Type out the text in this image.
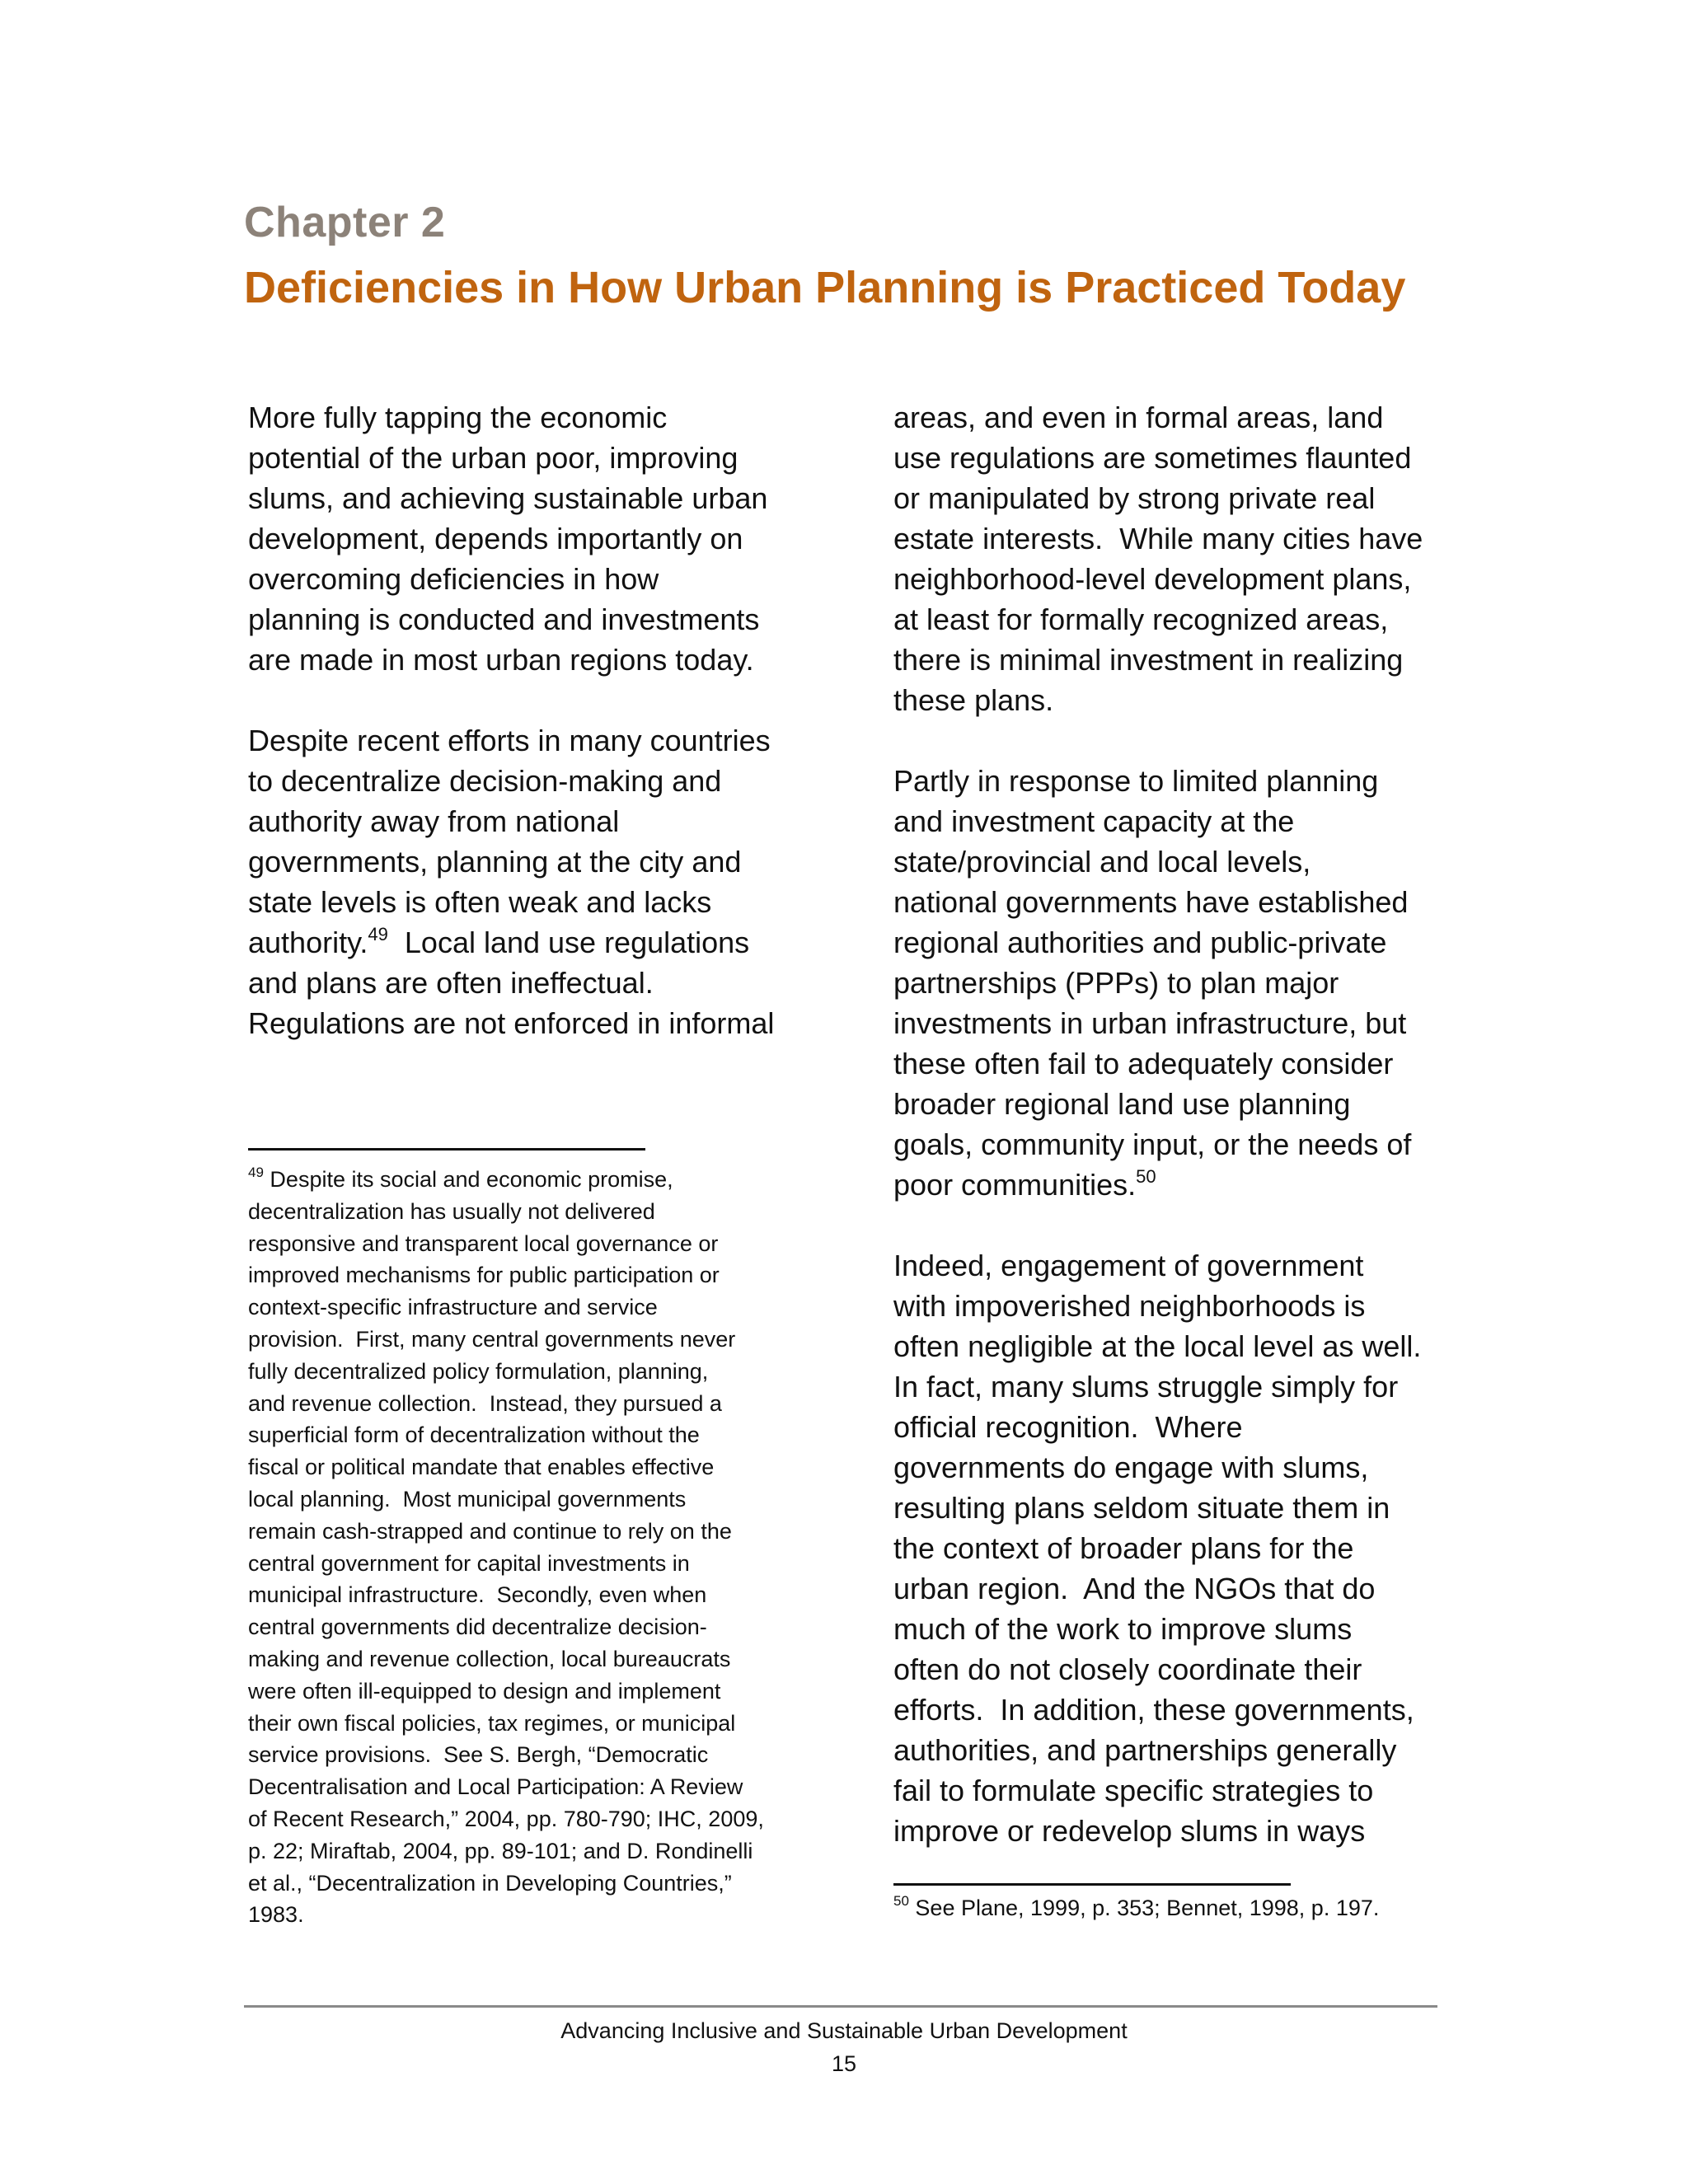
Chapter 2
Deficiencies in How Urban Planning is Practiced Today
More fully tapping the economic
potential of the urban poor, improving
slums, and achieving sustainable urban
development, depends importantly on
overcoming deficiencies in how
planning is conducted and investments
are made in most urban regions today.
Despite recent efforts in many countries
to decentralize decision-making and
authority away from national
governments, planning at the city and
state levels is often weak and lacks
authority.$^{49}$  Local land use regulations
and plans are often ineffectual.
Regulations are not enforced in informal
areas, and even in formal areas, land
use regulations are sometimes flaunted
or manipulated by strong private real
estate interests.  While many cities have
neighborhood-level development plans,
at least for formally recognized areas,
there is minimal investment in realizing
these plans.
Partly in response to limited planning
and investment capacity at the
state/provincial and local levels,
national governments have established
regional authorities and public-private
partnerships (PPPs) to plan major
investments in urban infrastructure, but
these often fail to adequately consider
broader regional land use planning
goals, community input, or the needs of
poor communities.$^{50}$
Indeed, engagement of government
with impoverished neighborhoods is
often negligible at the local level as well.
In fact, many slums struggle simply for
official recognition.  Where
governments do engage with slums,
resulting plans seldom situate them in
the context of broader plans for the
urban region.  And the NGOs that do
much of the work to improve slums
often do not closely coordinate their
efforts.  In addition, these governments,
authorities, and partnerships generally
fail to formulate specific strategies to
improve or redevelop slums in ways
$^{49}$ Despite its social and economic promise,
decentralization has usually not delivered
responsive and transparent local governance or
improved mechanisms for public participation or
context-specific infrastructure and service
provision.  First, many central governments never
fully decentralized policy formulation, planning,
and revenue collection.  Instead, they pursued a
superficial form of decentralization without the
fiscal or political mandate that enables effective
local planning.  Most municipal governments
remain cash-strapped and continue to rely on the
central government for capital investments in
municipal infrastructure.  Secondly, even when
central governments did decentralize decision-
making and revenue collection, local bureaucrats
were often ill-equipped to design and implement
their own fiscal policies, tax regimes, or municipal
service provisions.  See S. Bergh, “Democratic
Decentralisation and Local Participation: A Review
of Recent Research,” 2004, pp. 780-790; IHC, 2009,
p. 22; Miraftab, 2004, pp. 89-101; and D. Rondinelli
et al., “Decentralization in Developing Countries,”
1983.
$^{50}$ See Plane, 1999, p. 353; Bennet, 1998, p. 197.
Advancing Inclusive and Sustainable Urban Development
15
